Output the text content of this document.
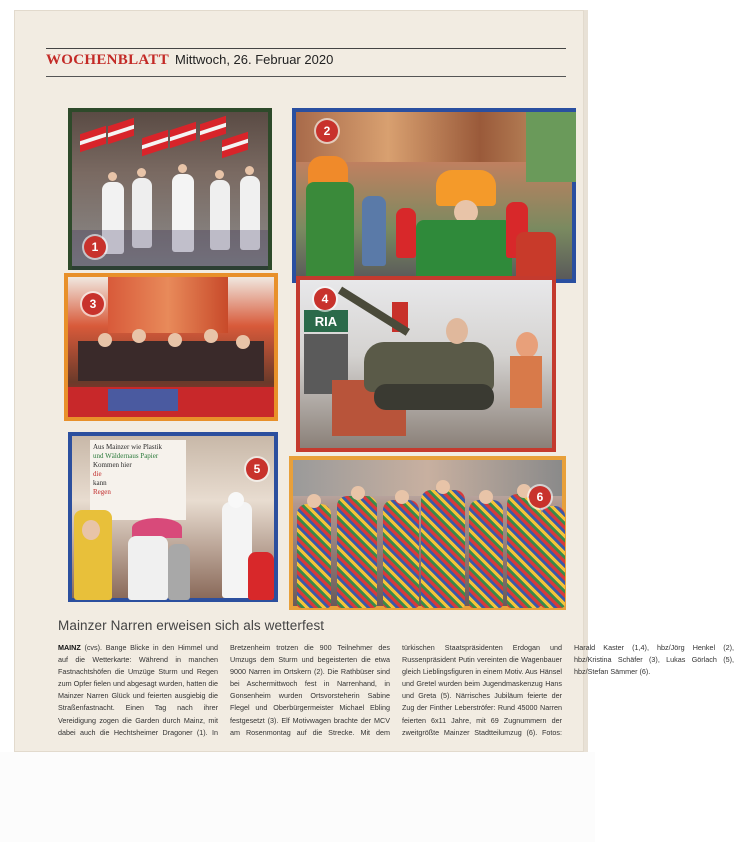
WOCHENBLATT Mittwoch, 26. Februar 2020
1
2
3
RIA
4
Aus Mainzer wie Plastik
und Wäldernaus Papier
Kommen hier
die
kann
Regen
5
6
Mainzer Narren erweisen sich als wetterfest
MAINZ (cvs). Bange Blicke in den Himmel und auf die Wetterkarte: Während in manchen Fastnachtshöfen die Umzüge Sturm und Regen zum Opfer fielen und abgesagt wurden, hatten die Mainzer Narren Glück und feierten ausgiebig die Straßenfastnacht. Einen Tag nach ihrer Vereidigung zogen die Garden durch Mainz, mit dabei auch die Hechtsheimer Dragoner (1). In Bretzenheim trotzen die 900 Teilnehmer des Umzugs dem Sturm und begeisterten die etwa 9000 Narren im Ortskern (2). Die Rathbüser sind bei Aschermittwoch fest in Narrenhand, in Gonsenheim wurden Ortsvorsteherin Sabine Flegel und Oberbürgermeister Michael Ebling festgesetzt (3). Elf Motivwagen brachte der MCV am Rosenmontag auf die Strecke. Mit dem türkischen Staatspräsidenten Erdogan und Russenpräsident Putin vereinten die Wagenbauer gleich Lieblingsfiguren in einem Motiv. Aus Hänsel und Gretel wurden beim Jugendmaskenzug Hans und Greta (5). Närrisches Jubiläum feierte der Zug der Finther Leberströfer: Rund 45000 Narren feierten 6x11 Jahre, mit 69 Zugnummern der zweitgrößte Mainzer Stadtteilumzug (6). Fotos: Harald Kaster (1,4), hbz/Jörg Henkel (2), hbz/Kristina Schäfer (3), Lukas Görlach (5), hbz/Stefan Sämmer (6).
